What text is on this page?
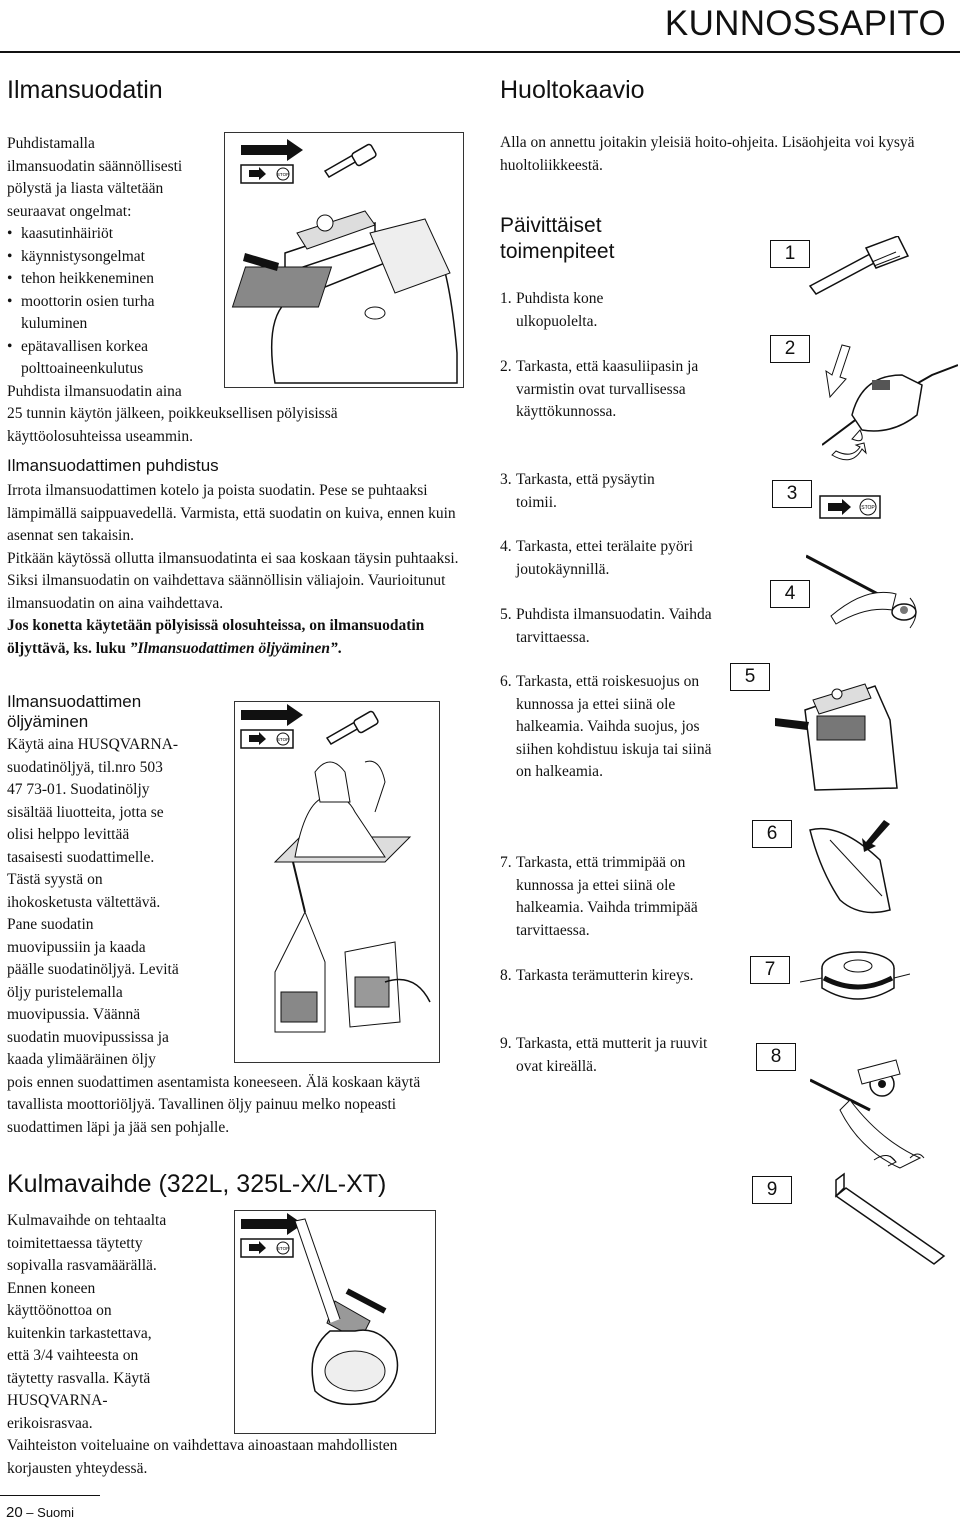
KUNNOSSAPITO
Ilmansuodatin

Puhdistamalla

ilmansuodatin säännöllisesti

pölystä ja liasta vältetään

seuraavat ongelmat:

• kaasutinhäiriöt
• käynnistysongelmat
• tehon heikkeneminen
• moottorin osien turha kuluminen
• epätavallisen korkea polttoaineenkulutus

Puhdista ilmansuodatin aina

25 tunnin käytön jälkeen, poikkeuksellisen pölyisissä

käyttöolosuhteissa useammin.

STOP
Ilmansuodattimen puhdistus

Irrota ilmansuodattimen kotelo ja poista suodatin. Pese se puhtaaksi lämpimällä saippuavedellä. Varmista, että suodatin on kuiva, ennen kuin asennat sen takaisin.

Pitkään käytössä ollutta ilmansuodatinta ei saa koskaan täysin puhtaaksi. Siksi ilmansuodatin on vaihdettava säännöllisin väliajoin. Vaurioitunut ilmansuodatin on aina vaihdettava.

Jos konetta käytetään pölyisissä olosuhteissa, on ilmansuodatin öljyttävä, ks. luku ”Ilmansuodattimen öljyäminen”.

Ilmansuodattimen
öljyäminen

Käytä aina HUSQVARNA-

suodatinöljyä, til.nro 503

47 73-01. Suodatinöljy

sisältää liuotteita, jotta se

olisi helppo levittää

tasaisesti suodattimelle.

Tästä syystä on

ihokosketusta vältettävä.

Pane suodatin

muovipussiin ja kaada

päälle suodatinöljyä. Levitä

öljy puristelemalla

muovipussia. Väännä

suodatin muovipussissa ja

kaada ylimääräinen öljy

pois ennen suodattimen asentamista koneeseen. Älä koskaan käytä tavallista moottoriöljyä. Tavallinen öljy painuu melko nopeasti suodattimen läpi ja jää sen pohjalle.

STOP
Kulmavaihde (322L, 325L-X/L-XT)

Kulmavaihde on tehtaalta

toimitettaessa täytetty

sopivalla rasvamäärällä.

Ennen koneen

käyttöönottoa on

kuitenkin tarkastettava,

että 3/4 vaihteesta on

täytetty rasvalla. Käytä

HUSQVARNA-

erikoisrasvaa.

Vaihteiston voiteluaine on vaihdettava ainoastaan mahdollisten korjausten yhteydessä.

STOP
Huoltokaavio

Alla on annettu joitakin yleisiä hoito-ohjeita. Lisäohjeita voi kysyä huoltoliikkeestä.

Päivittäiset
toimenpiteet

1. Puhdista kone ulkopuolelta.

2. Tarkasta, että kaasuliipasin ja varmistin ovat turvallisessa käyttökunnossa.

3. Tarkasta, että pysäytin toimii.

4. Tarkasta, ettei terälaite pyöri joutokäynnillä.

5. Puhdista ilmansuodatin. Vaihda tarvittaessa.

6. Tarkasta, että roiskesuojus on kunnossa ja ettei siinä ole halkeamia. Vaihda suojus, jos siihen kohdistuu iskuja tai siinä on halkeamia.

7. Tarkasta, että trimmipää on kunnossa ja ettei siinä ole halkeamia. Vaihda trimmipää tarvittaessa.

8. Tarkasta terämutterin kireys.

9. Tarkasta, että mutterit ja ruuvit ovat kireällä.

1
2
3
4
5
6
7
8
9
STOP
20 – Suomi
